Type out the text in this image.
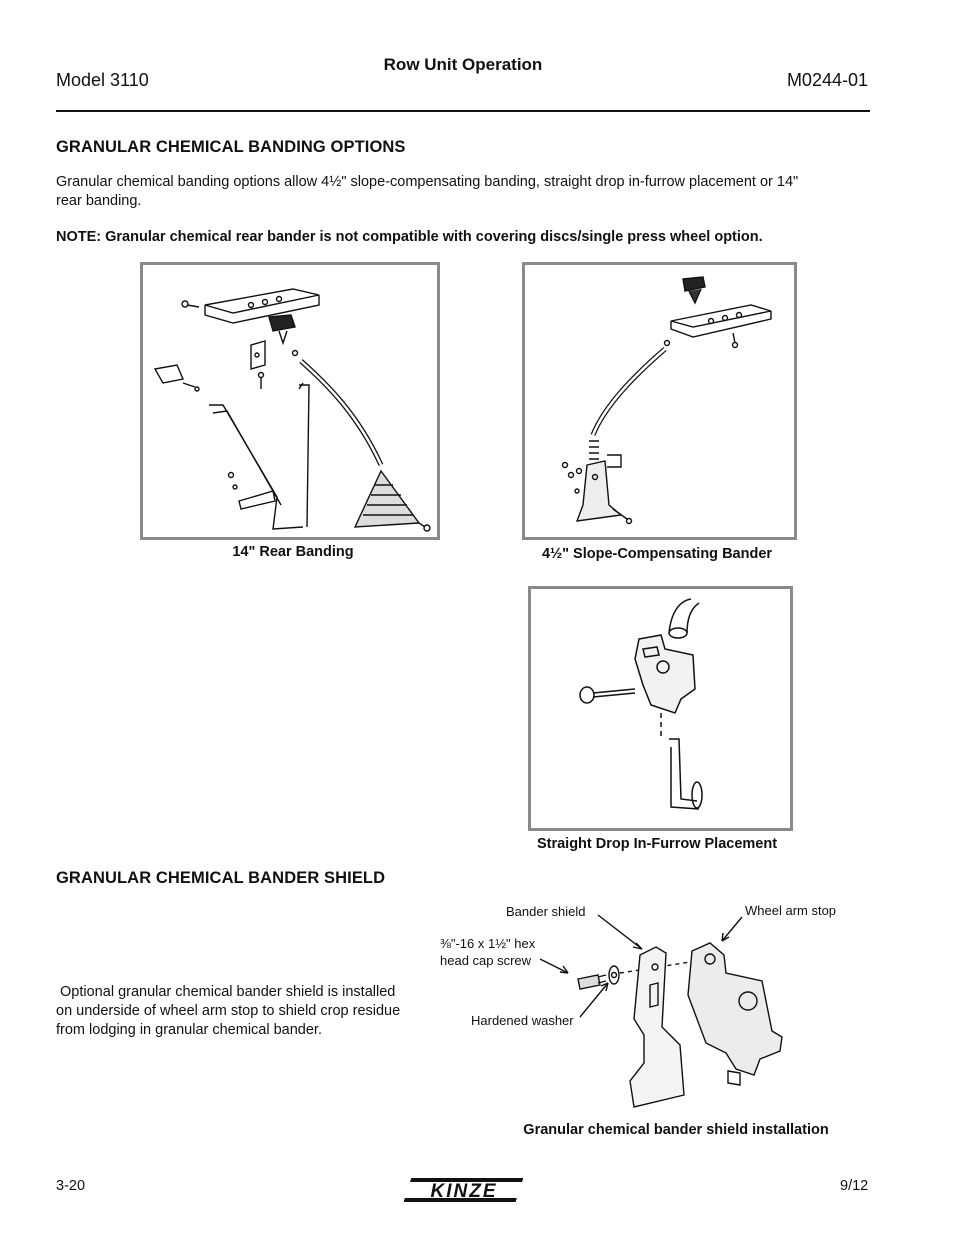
Model 3110
Row Unit Operation
M0244-01
GRANULAR CHEMICAL BANDING OPTIONS
Granular chemical banding options allow 4½" slope-compensating banding, straight drop in-furrow placement or 14"
rear banding.
NOTE: Granular chemical rear bander is not compatible with covering discs/single press wheel option.
14" Rear Banding	4½" Slope-Compensating Bander
Straight Drop In-Furrow Placement
GRANULAR CHEMICAL BANDER SHIELD
Optional granular chemical bander shield is installed
on underside of wheel arm stop to shield crop residue
from lodging in granular chemical bander.
Bander shield	Wheel arm stop
⅜"-16 x 1½" hex
head cap screw
Hardened washer
Granular chemical bander shield installation
3-20	KINZE	9/12
